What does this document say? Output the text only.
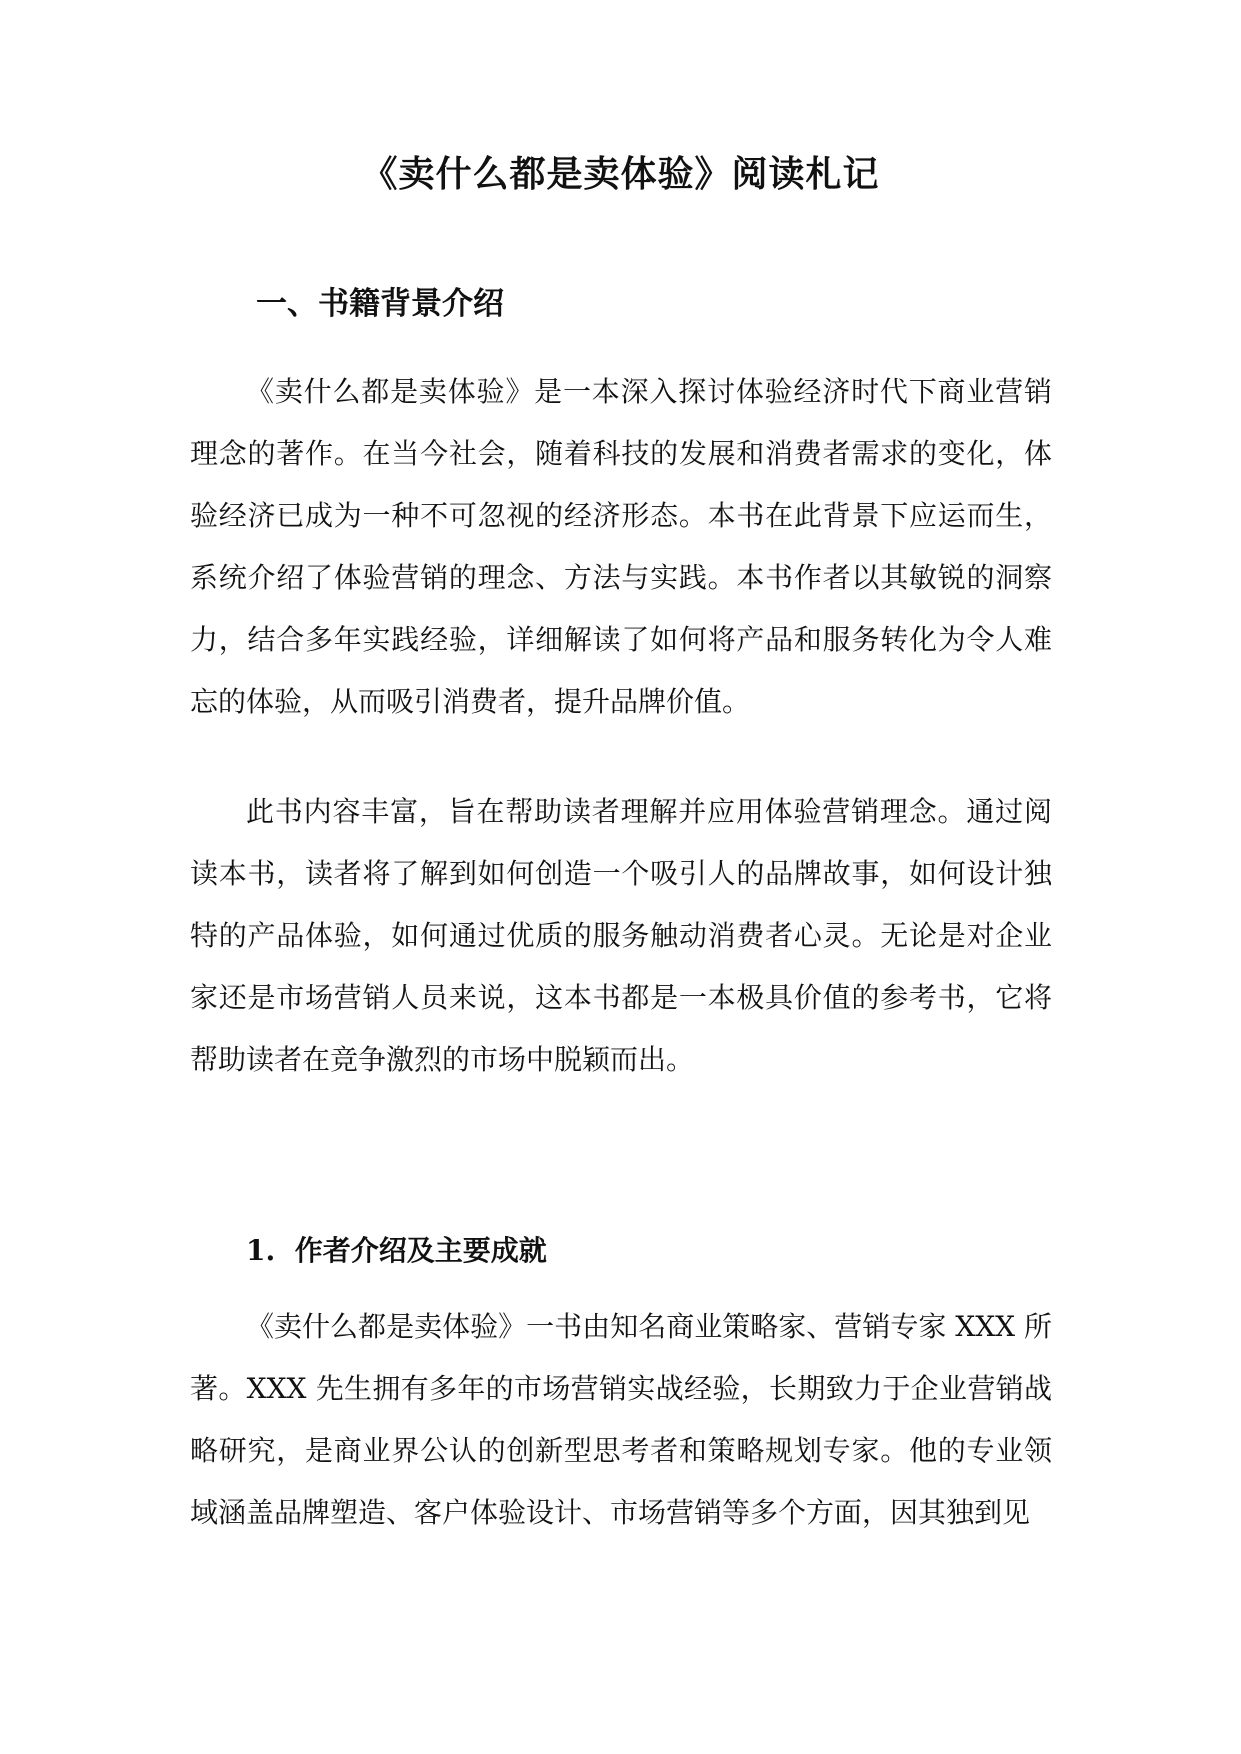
《卖什么都是卖体验》阅读札记
一、书籍背景介绍

《卖什么都是卖体验》是一本深入探讨体验经济时代下商业营销理念的著作。在当今社会，随着科技的发展和消费者需求的变化，体验经济已成为一种不可忽视的经济形态。本书在此背景下应运而生，系统介绍了体验营销的理念、方法与实践。本书作者以其敏锐的洞察力，结合多年实践经验，详细解读了如何将产品和服务转化为令人难忘的体验，从而吸引消费者，提升品牌价值。

此书内容丰富，旨在帮助读者理解并应用体验营销理念。通过阅读本书，读者将了解到如何创造一个吸引人的品牌故事，如何设计独特的产品体验，如何通过优质的服务触动消费者心灵。无论是对企业家还是市场营销人员来说，这本书都是一本极具价值的参考书，它将帮助读者在竞争激烈的市场中脱颖而出。

1.  作者介绍及主要成就

《卖什么都是卖体验》一书由知名商业策略家、营销专家 XXX 所著。XXX 先生拥有多年的市场营销实战经验，长期致力于企业营销战略研究，是商业界公认的创新型思考者和策略规划专家。他的专业领域涵盖品牌塑造、客户体验设计、市场营销等多个方面，因其独到见
